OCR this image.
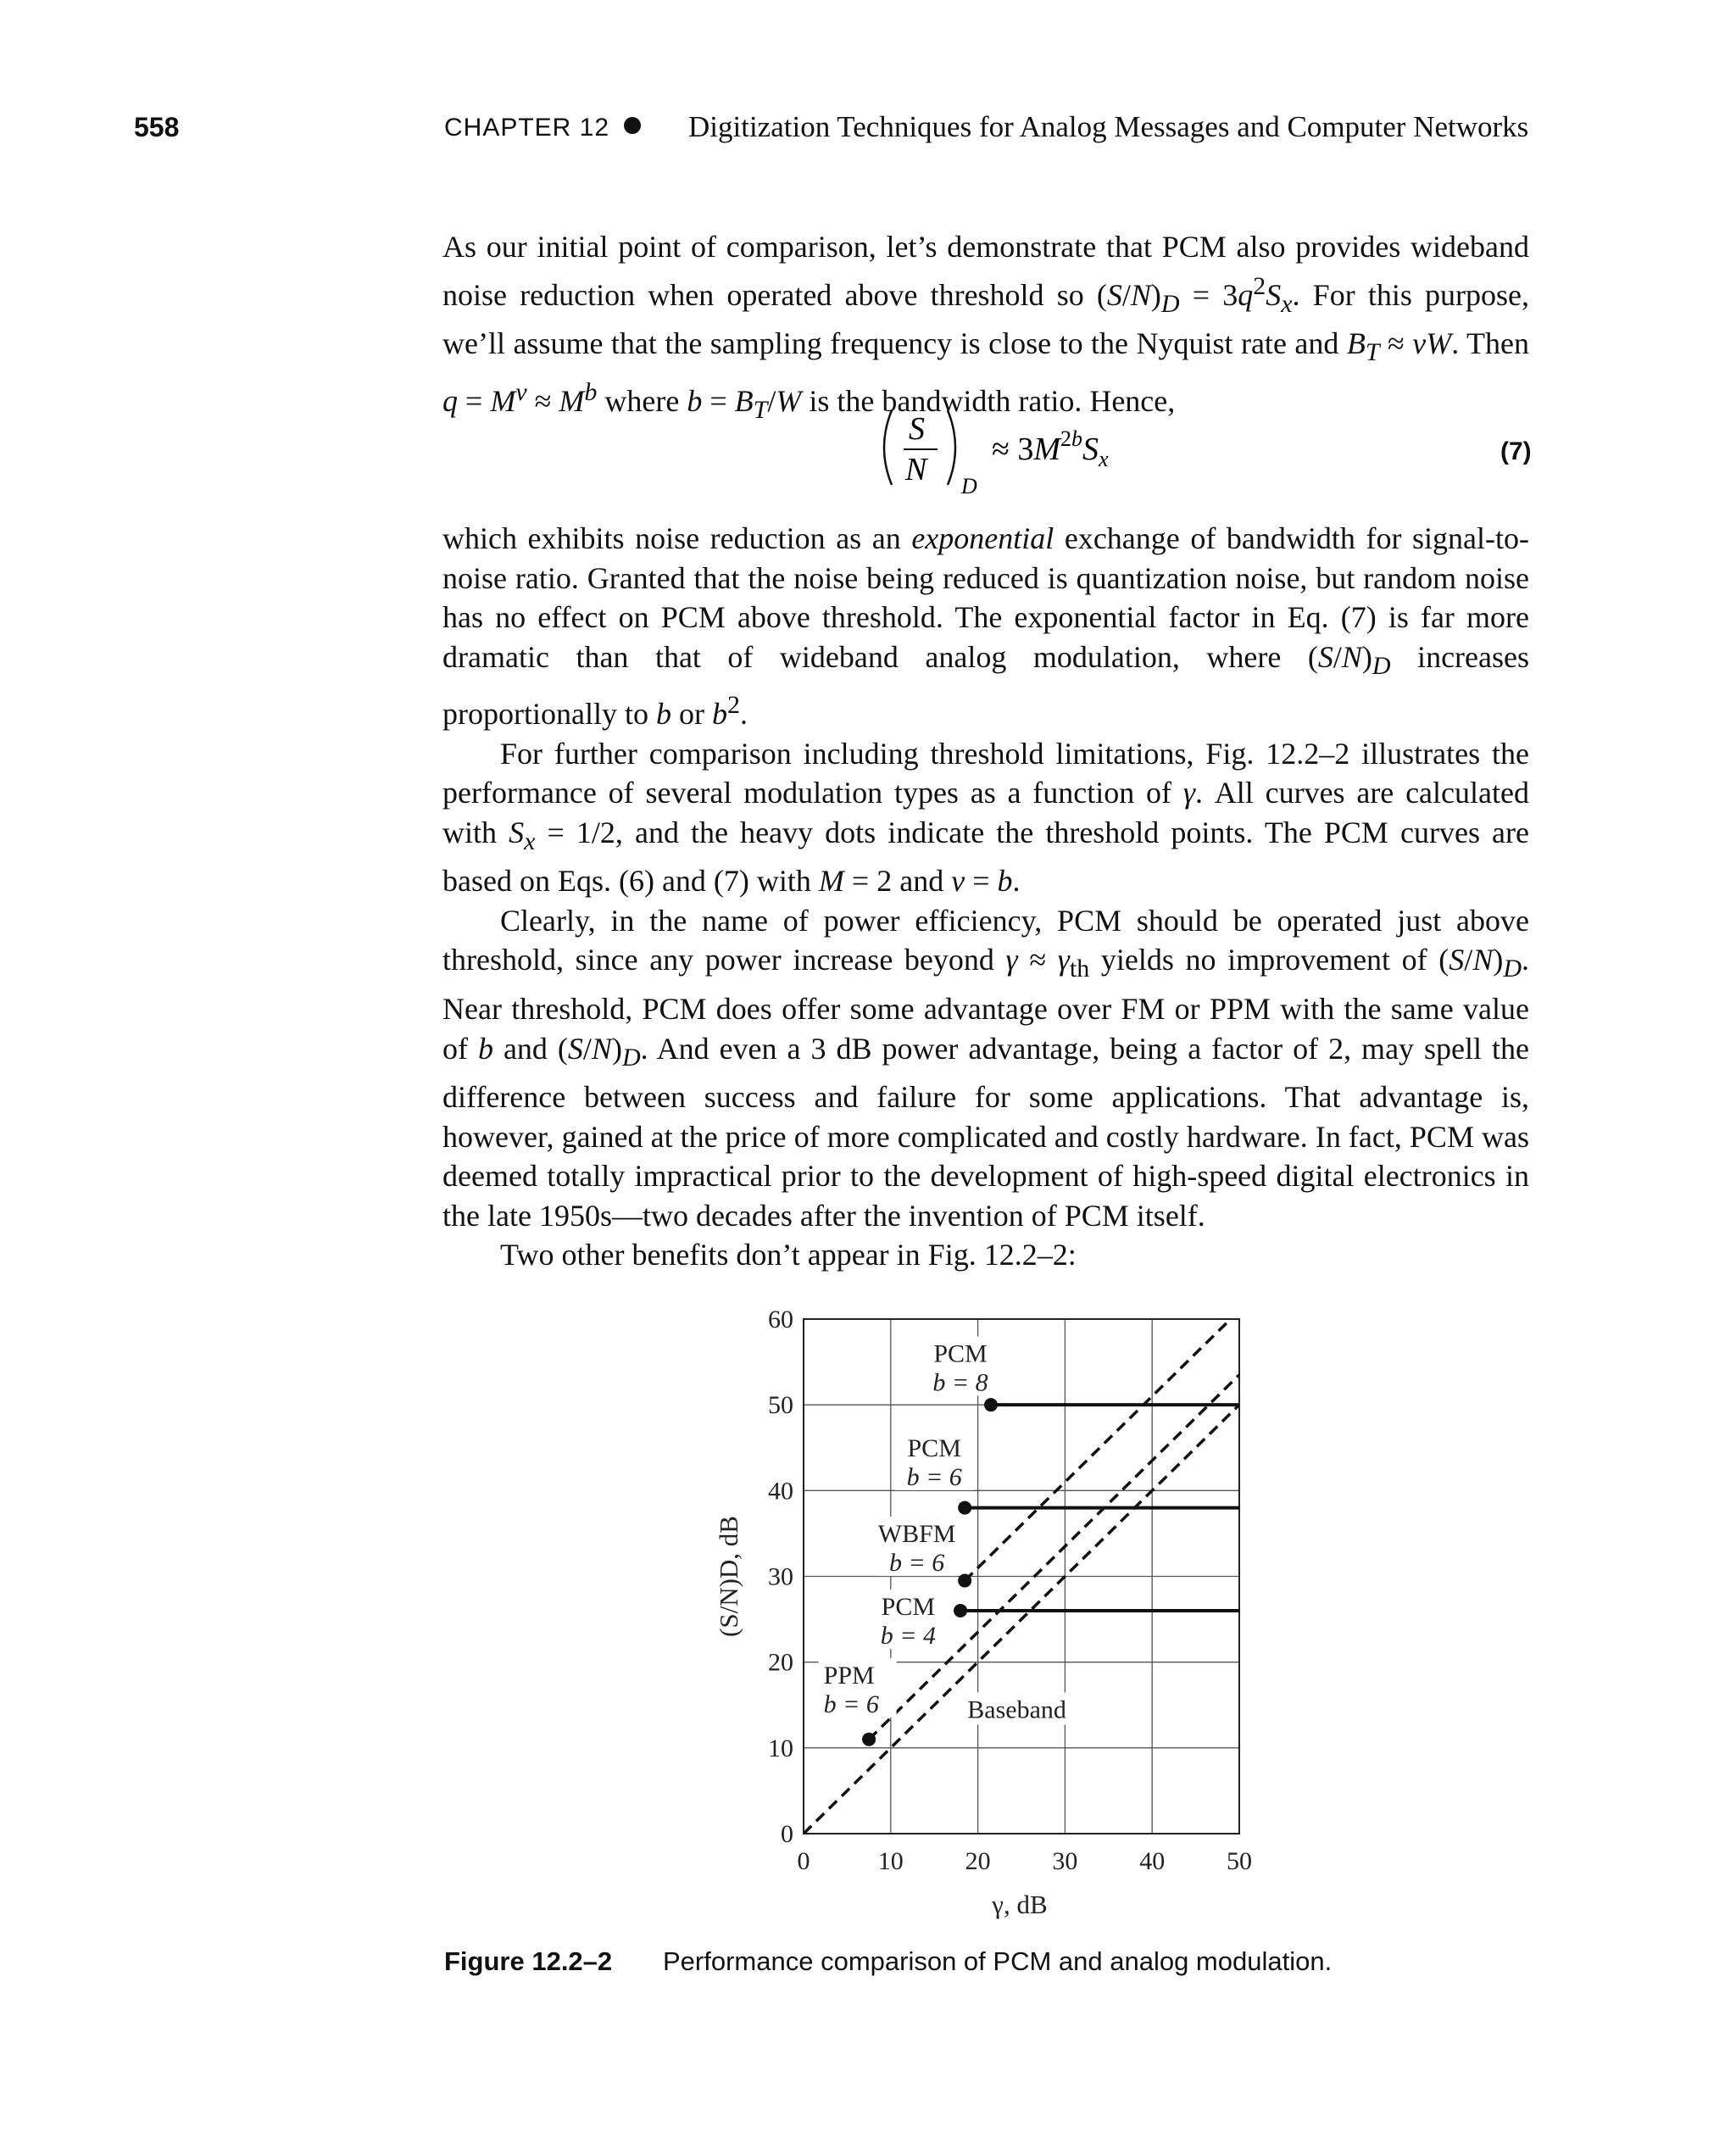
558	CHAPTER 12	Digitization Techniques for Analog Messages and Computer Networks

As our initial point of comparison, let’s demonstrate that PCM also provides wideband noise reduction when operated above threshold so $(S/N)_D = 3q^2S_x$. For this purpose, we’ll assume that the sampling frequency is close to the Nyquist rate and $B_T \approx \nu W$. Then $q = M^\nu \approx M^b$ where $b = B_T/W$ is the bandwidth ratio. Hence,

S
N D
≈ $3M^{2b}S_x$	(7)

which exhibits noise reduction as an exponential exchange of bandwidth for signal-to-noise ratio. Granted that the noise being reduced is quantization noise, but random noise has no effect on PCM above threshold. The exponential factor in Eq. (7) is far more dramatic than that of wideband analog modulation, where $(S/N)_D$ increases proportionally to b or $b^2$.

For further comparison including threshold limitations, Fig. 12.2–2 illustrates the performance of several modulation types as a function of γ. All curves are calculated with $S_x = 1/2$, and the heavy dots indicate the threshold points. The PCM curves are based on Eqs. (6) and (7) with M = 2 and ν = b.

Clearly, in the name of power efficiency, PCM should be operated just above threshold, since any power increase beyond $\gamma \approx \gamma_{th}$ yields no improvement of $(S/N)_D$. Near threshold, PCM does offer some advantage over FM or PPM with the same value of b and $(S/N)_D$. And even a 3 dB power advantage, being a factor of 2, may spell the difference between success and failure for some applications. That advantage is, however, gained at the price of more complicated and costly hardware. In fact, PCM was deemed totally impractical prior to the development of high-speed digital electronics in the late 1950s—two decades after the invention of PCM itself.

Two other benefits don’t appear in Fig. 12.2–2:

0	10 20 30 40 50
0
10
20
30
40
50
60
γ, dB
(S/N)D, dB
PCM
b = 8
PCM
b = 6
WBFM
b = 6
PCM
b = 4
PPM
b = 6	Baseband
Figure 12.2–2 Performance comparison of PCM and analog modulation.
